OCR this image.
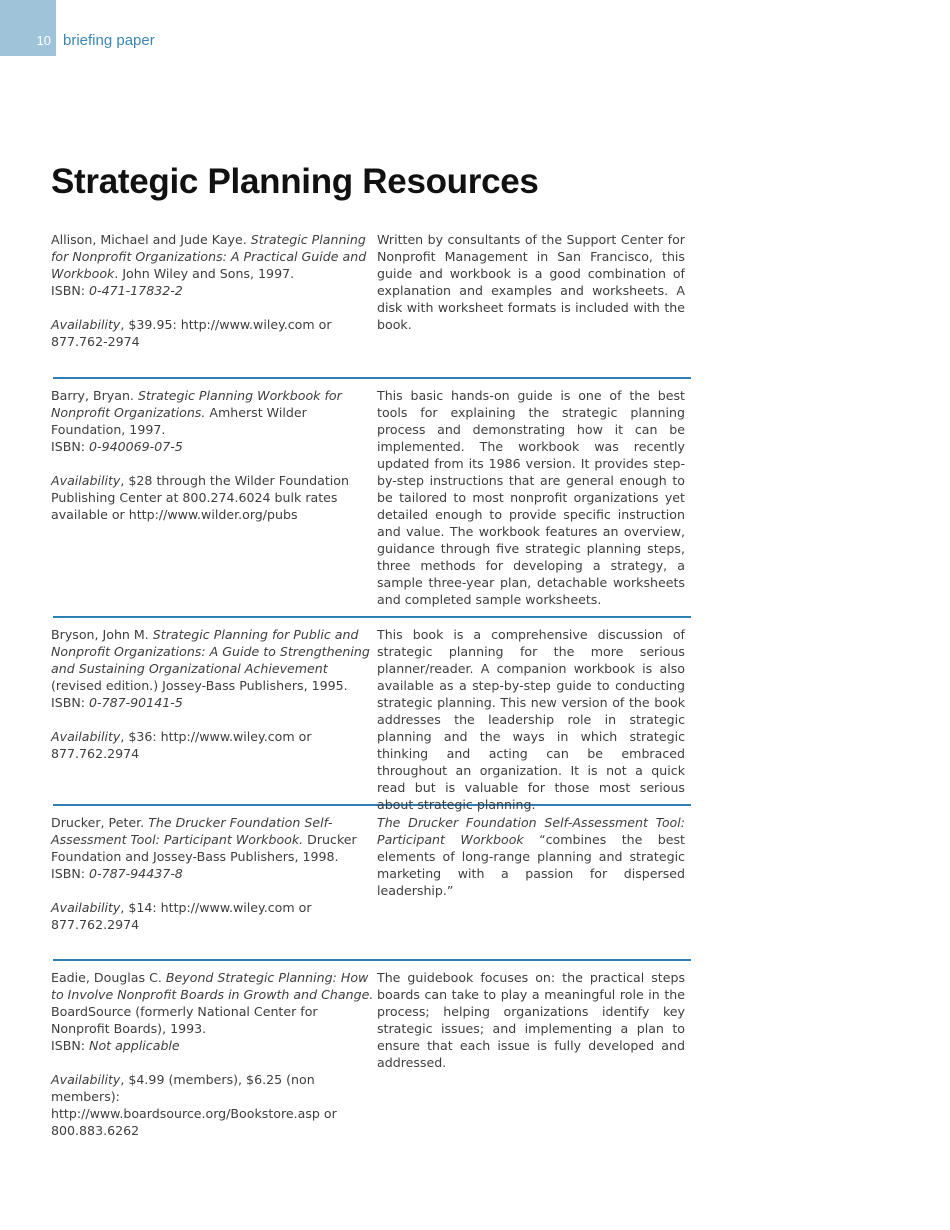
10 briefing paper
Strategic Planning Resources

Allison, Michael and Jude Kaye. Strategic Planning for Nonprofit Organizations: A Practical Guide and Workbook. John Wiley and Sons, 1997.
ISBN: 0-471-17832-2

Availability, $39.95: http://www.wiley.com or 877.762-2974

Written by consultants of the Support Center for Nonprofit Management in San Francisco, this guide and workbook is a good combination of explanation and examples and worksheets. A disk with worksheet formats is included with the book.

Barry, Bryan. Strategic Planning Workbook for Nonprofit Organizations. Amherst Wilder Foundation, 1997.
ISBN: 0-940069-07-5

Availability, $28 through the Wilder Foundation Publishing Center at 800.274.6024 bulk rates available or http://www.wilder.org/pubs

This basic hands-on guide is one of the best tools for explaining the strategic planning process and demonstrating how it can be implemented. The workbook was recently updated from its 1986 version. It provides step-by-step instructions that are general enough to be tailored to most nonprofit organizations yet detailed enough to provide specific instruction and value. The workbook features an overview, guidance through five strategic planning steps, three methods for developing a strategy, a sample three-year plan, detachable worksheets and completed sample worksheets.

Bryson, John M. Strategic Planning for Public and Nonprofit Organizations: A Guide to Strengthening and Sustaining Organizational Achievement (revised edition.) Jossey-Bass Publishers, 1995.
ISBN: 0-787-90141-5

Availability, $36: http://www.wiley.com or 877.762.2974

This book is a comprehensive discussion of strategic planning for the more serious planner/reader. A companion workbook is also available as a step-by-step guide to conducting strategic planning. This new version of the book addresses the leadership role in strategic planning and the ways in which strategic thinking and acting can be embraced throughout an organization. It is not a quick read but is valuable for those most serious about strategic planning.

Drucker, Peter. The Drucker Foundation Self-Assessment Tool: Participant Workbook. Drucker Foundation and Jossey-Bass Publishers, 1998.
ISBN: 0-787-94437-8

Availability, $14: http://www.wiley.com or 877.762.2974

The Drucker Foundation Self-Assessment Tool: Participant Workbook “combines the best elements of long-range planning and strategic marketing with a passion for dispersed leadership.”

Eadie, Douglas C. Beyond Strategic Planning: How to Involve Nonprofit Boards in Growth and Change. BoardSource (formerly National Center for Nonprofit Boards), 1993.
ISBN: Not applicable

Availability, $4.99 (members), $6.25 (non members): http://www.boardsource.org/Bookstore.asp or 800.883.6262

The guidebook focuses on: the practical steps boards can take to play a meaningful role in the process; helping organizations identify key strategic issues; and implementing a plan to ensure that each issue is fully developed and addressed.
